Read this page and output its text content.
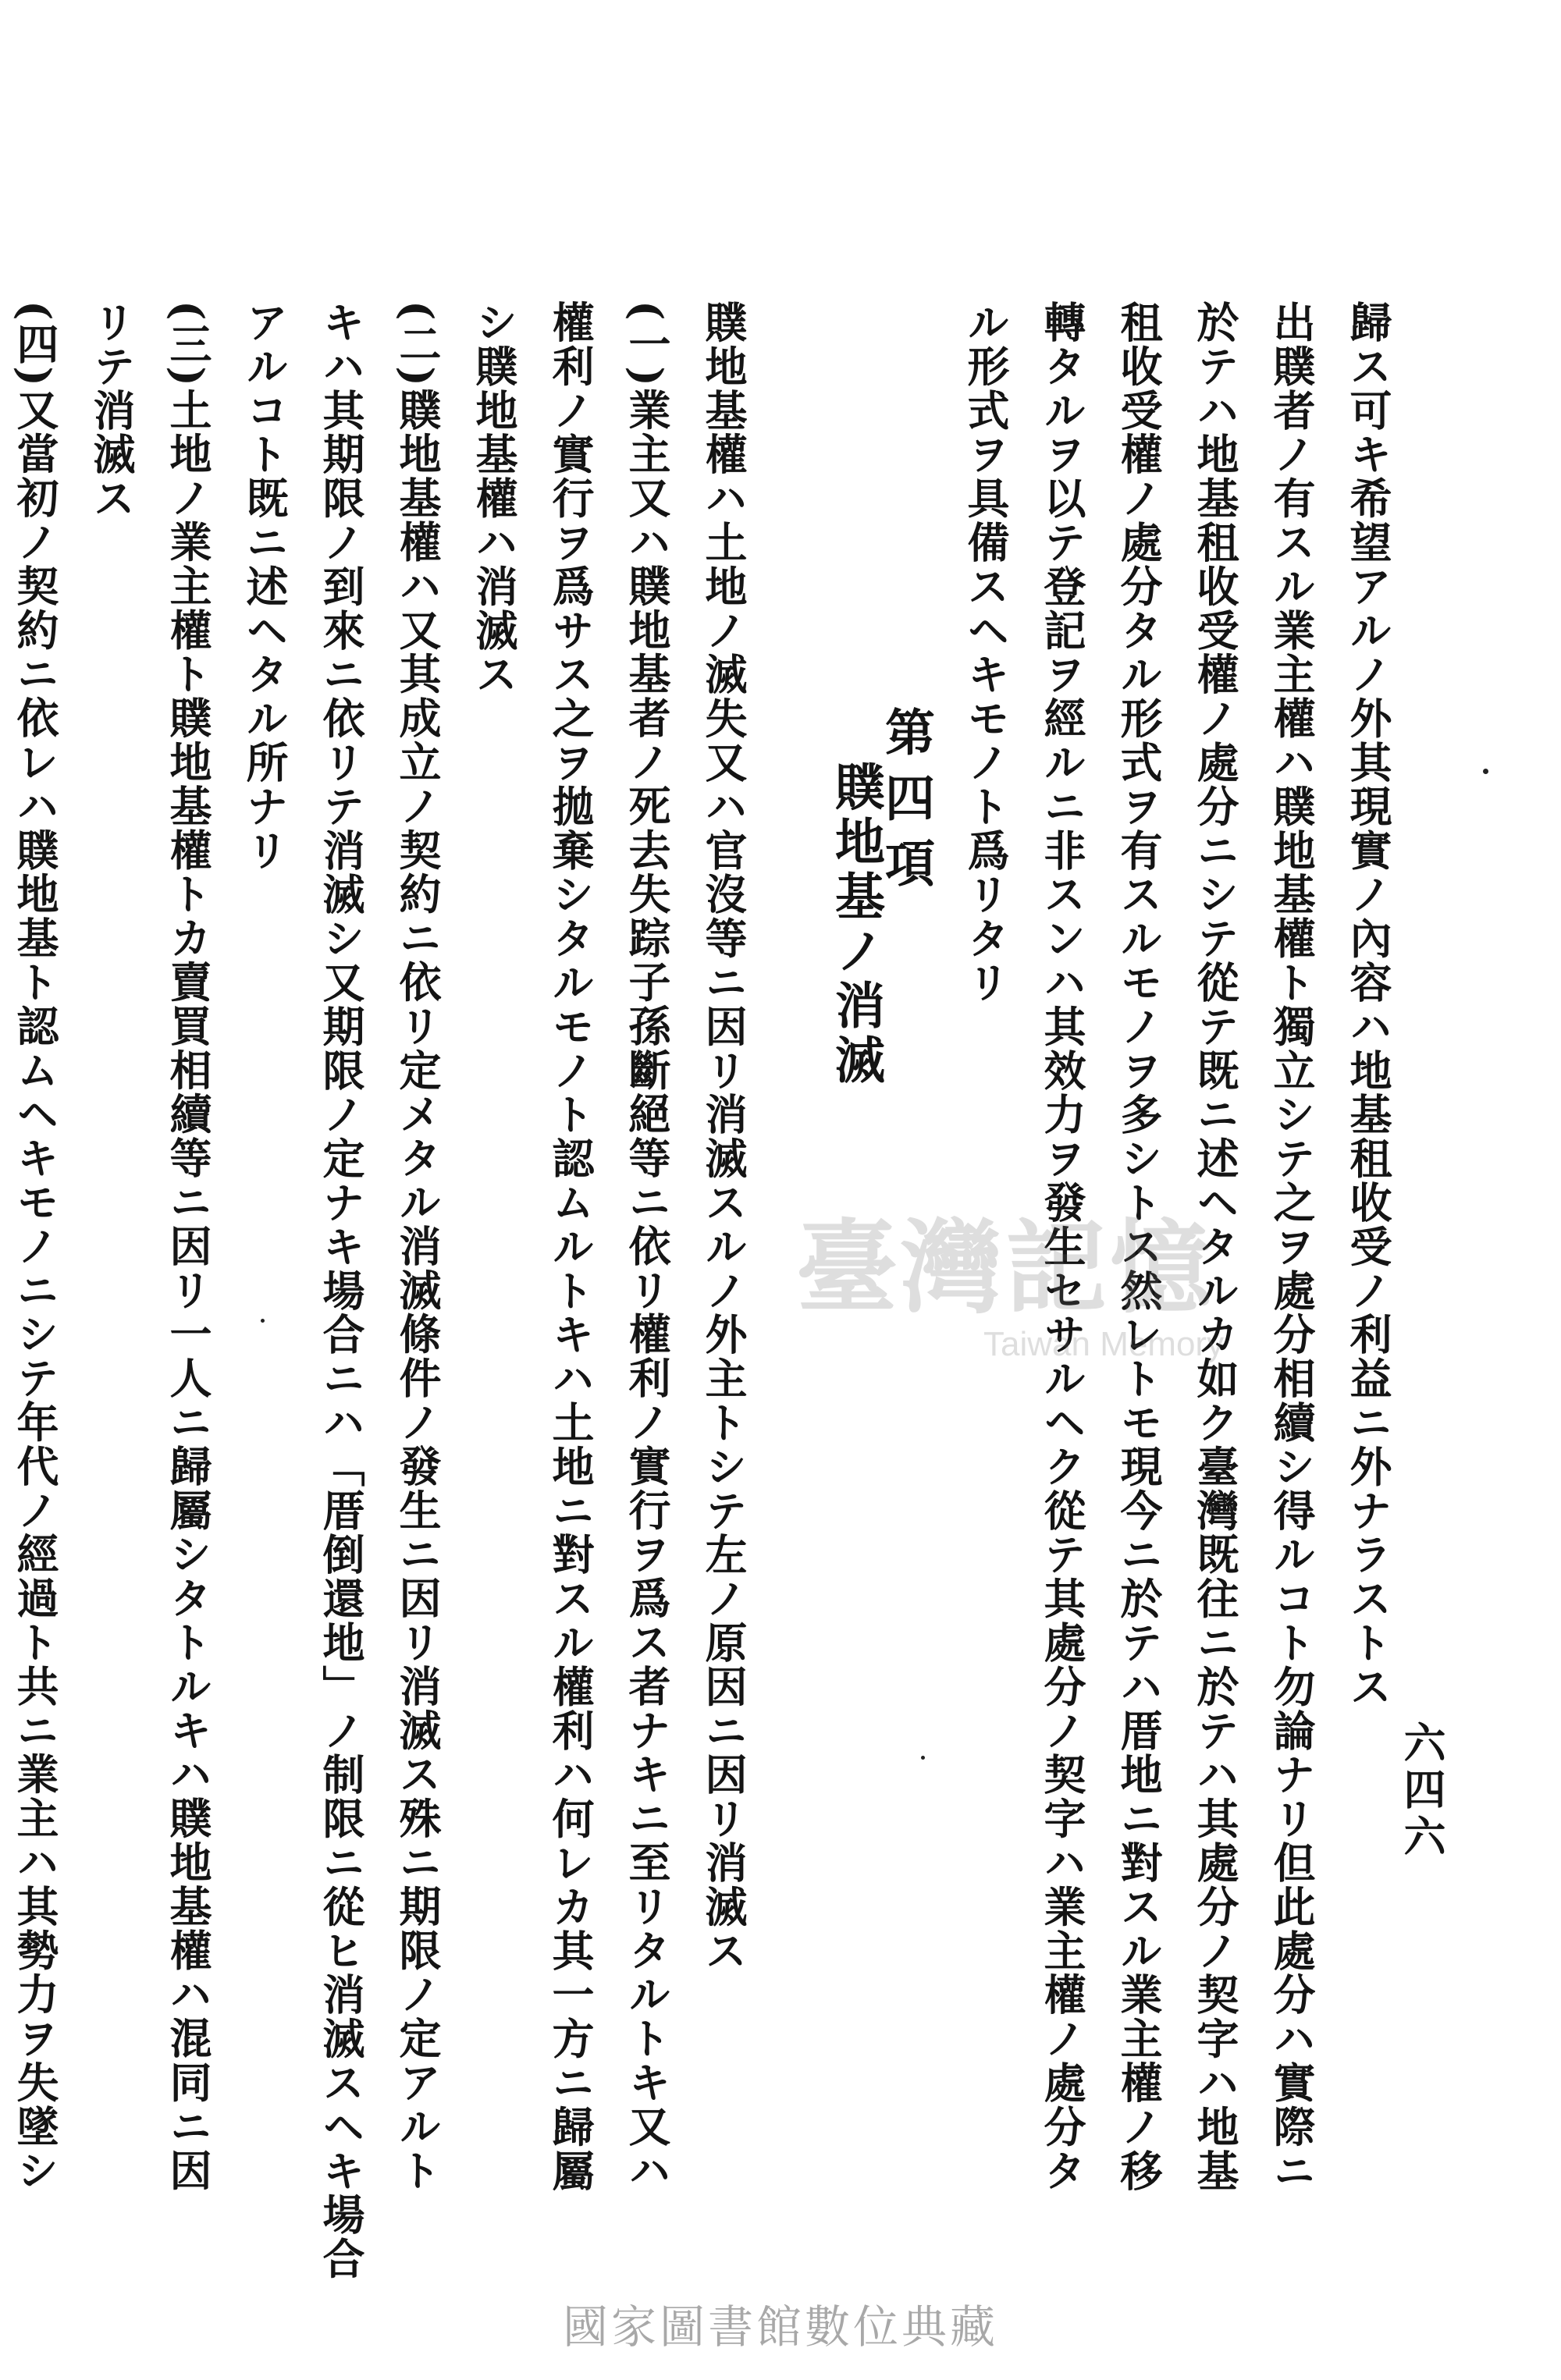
六四六
歸ス可キ希望アルノ外其現實ノ內容ハ地基租收受ノ利益ニ外ナラストス
出贌者ノ有スル業主權ハ贌地基權ト獨立シテ之ヲ處分相續シ得ルコト勿論ナリ但此處分ハ實際ニ
於テハ地基租收受權ノ處分ニシテ從テ既ニ述ヘタルカ如ク臺灣既往ニ於テハ其處分ノ契字ハ地基
租收受權ノ處分タル形式ヲ有スルモノヲ多シトス然レトモ現今ニ於テハ厝地ニ對スル業主權ノ移
轉タルヲ以テ登記ヲ經ルニ非スンハ其效力ヲ發生セサルヘク從テ其處分ノ契字ハ業主權ノ處分タ
ル形式ヲ具備スヘキモノト爲リタリ
第四項
贌地基ノ消滅
贌地基權ハ土地ノ滅失又ハ官沒等ニ因リ消滅スルノ外主トシテ左ノ原因ニ因リ消滅ス
(一)業主又ハ贌地基者ノ死去失踪子孫斷絕等ニ依リ權利ノ實行ヲ爲ス者ナキニ至リタルトキ又ハ
權利ノ實行ヲ爲サス之ヲ拋棄シタルモノト認ムルトキハ土地ニ對スル權利ハ何レカ其一方ニ歸屬
シ贌地基權ハ消滅ス
(二)贌地基權ハ又其成立ノ契約ニ依リ定メタル消滅條件ノ發生ニ因リ消滅ス殊ニ期限ノ定アルト
キハ其期限ノ到來ニ依リテ消滅シ又期限ノ定ナキ場合ニハ「厝倒還地」ノ制限ニ從ヒ消滅スヘキ場合
アルコト既ニ述ヘタル所ナリ
(三)土地ノ業主權ト贌地基權トカ賣買相續等ニ因リ一人ニ歸屬シタトルキハ贌地基權ハ混同ニ因
リテ消滅ス
(四)又當初ノ契約ニ依レハ贌地基ト認ムヘキモノニシテ年代ノ經過ト共ニ業主ハ其勢力ヲ失墜シ	臺灣記憶
Taiwan Memory
國家圖書館數位典藏
